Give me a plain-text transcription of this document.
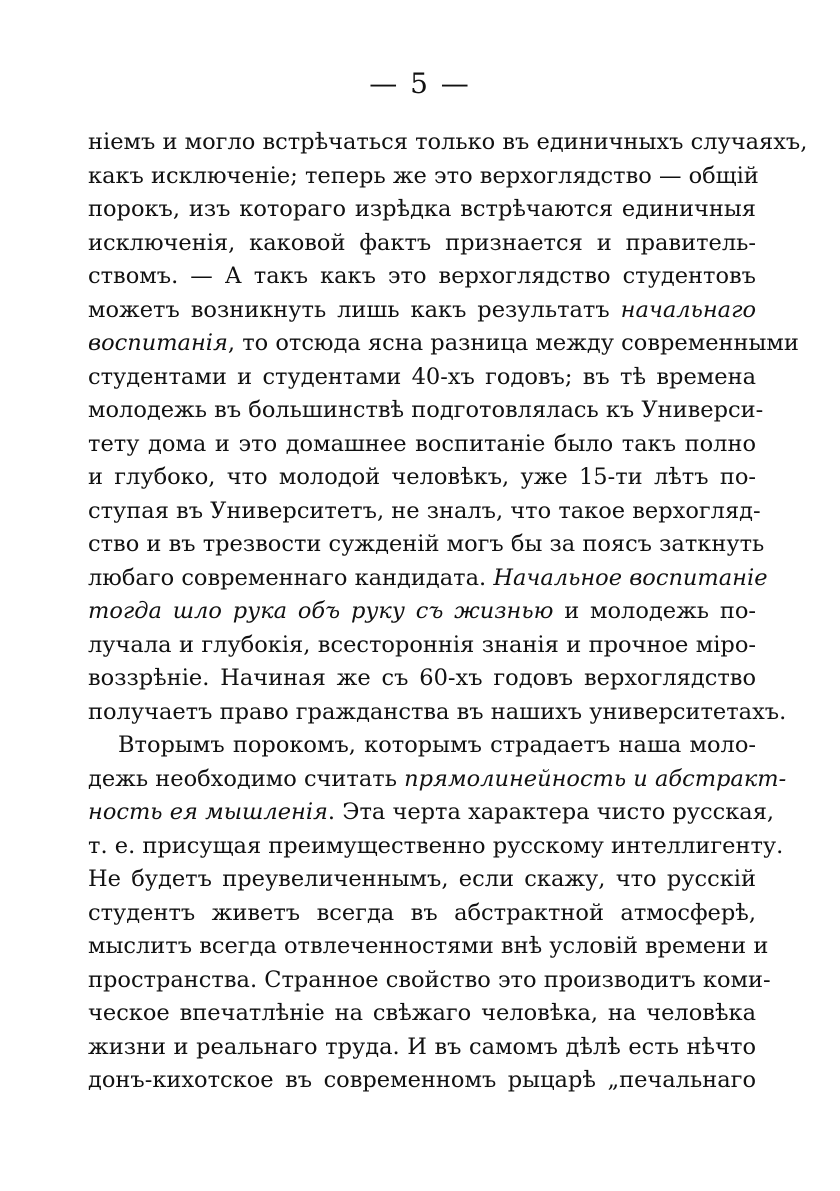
— 5 —
ніемъ и могло встрѣчаться только въ единичныхъ случаяхъ,
какъ исключеніе; теперь же это верхоглядство — общій
порокъ, изъ котораго изрѣдка встрѣчаются единичныя
исключенія, каковой фактъ признается и правитель-
ствомъ. — А такъ какъ это верхоглядство студентовъ
можетъ возникнуть лишь какъ результатъ начальнаго
воспитанія, то отсюда ясна разница между современными
студентами и студентами 40-хъ годовъ; въ тѣ времена
молодежь въ большинствѣ подготовлялась къ Универси-
тету дома и это домашнее воспитаніе было такъ полно
и глубоко, что молодой человѣкъ, уже 15-ти лѣтъ по-
ступая въ Университетъ, не зналъ, что такое верхогляд-
ство и въ трезвости сужденій могъ бы за поясъ заткнуть
любаго современнаго кандидата. Начальное воспитаніе
тогда шло рука объ руку съ жизнью и молодежь по-
лучала и глубокія, всестороннія знанія и прочное міро-
воззрѣніе. Начиная же съ 60-хъ годовъ верхоглядство
получаетъ право гражданства въ нашихъ университетахъ.
Вторымъ порокомъ, которымъ страдаетъ наша моло-
дежь необходимо считать прямолинейность и абстракт-
ность ея мышленія. Эта черта характера чисто русская,
т. е. присущая преимущественно русскому интеллигенту.
Не будетъ преувеличеннымъ, если скажу, что русскій
студентъ живетъ всегда въ абстрактной атмосферѣ,
мыслитъ всегда отвлеченностями внѣ условій времени и
пространства. Странное свойство это производитъ коми-
ческое впечатлѣніе на свѣжаго человѣка, на человѣка
жизни и реальнаго труда. И въ самомъ дѣлѣ есть нѣчто
донъ-кихотское въ современномъ рыцарѣ „печальнаго
